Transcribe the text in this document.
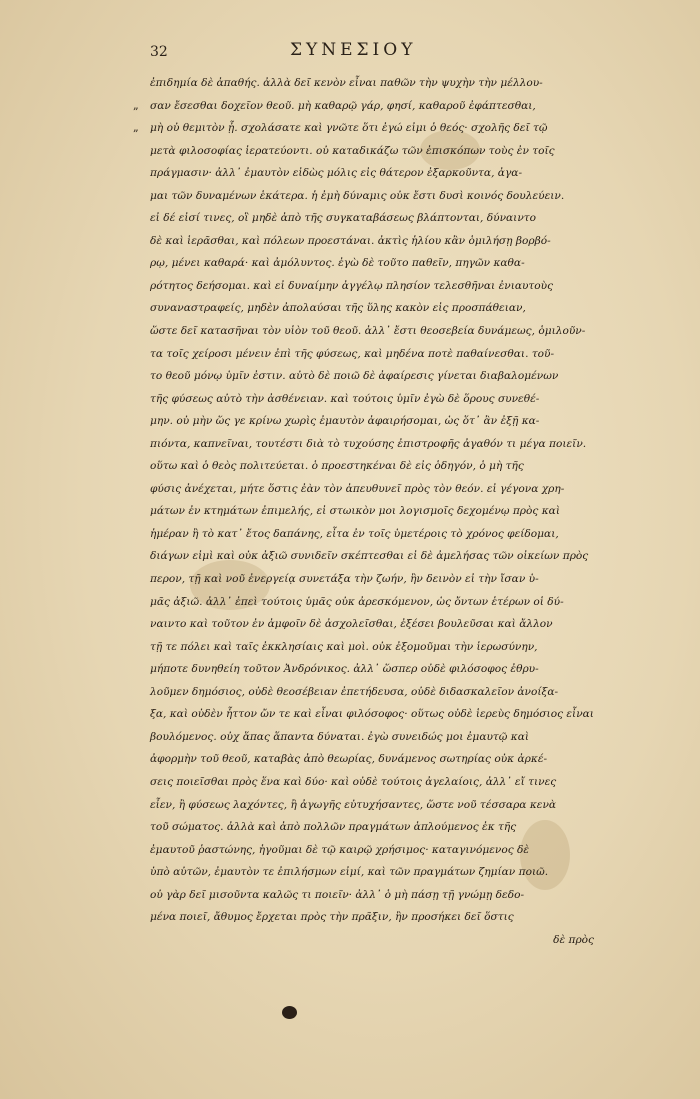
32	ΣΥΝΕΣΙΟΥ
ἐπιδημία δὲ ἀπαθής. ἀλλὰ δεῖ κενὸν εἶναι παθῶν τὴν ψυχὴν τὴν μέλλου-
„ σαν ἔσεσθαι δοχεῖον θεοῦ. μὴ καθαρῷ γάρ, φησί, καθαροῦ ἐφάπτεσθαι,
„ μὴ οὐ θεμιτὸν ᾖ. σχολάσατε καὶ γνῶτε ὅτι ἐγώ εἰμι ὁ θεός· σχολῆς δεῖ τῷ
μετὰ φιλοσοφίας ἱερατεύοντι. οὐ καταδικάζω τῶν ἐπισκόπων τοὺς ἐν τοῖς
πράγμασιν· ἀλλ᾽ ἐμαυτὸν εἰδὼς μόλις εἰς θάτερον ἐξαρκοῦντα, ἀγα-
μαι τῶν δυναμένων ἑκάτερα. ἡ ἐμὴ δύναμις οὐκ ἔστι δυσὶ κοινός δουλεύειν.
εἰ δέ εἰσί τινες, οἳ μηδὲ ἀπὸ τῆς συγκαταβάσεως βλάπτονται, δύναιντο
δὲ καὶ ἱερᾶσθαι, καὶ πόλεων προεστάναι. ἀκτὶς ἡλίου κἂν ὁμιλήσῃ βορβό-
ρῳ, μένει καθαρά· καὶ ἀμόλυντος. ἐγὼ δὲ τοῦτο παθεῖν, πηγῶν καθα-
ρότητος δεήσομαι. καὶ εἰ δυναίμην ἀγγέλῳ πλησίον τελεσθῆναι ἐνιαυτοὺς
συναναστραφείς, μηδὲν ἀπολαύσαι τῆς ὕλης κακὸν εἰς προσπάθειαν,
ὥστε δεῖ κατασῆναι τὸν υἱὸν τοῦ θεοῦ. ἀλλ᾽ ἔστι θεοσεβεία δυνάμεως, ὁμιλοῦν-
τα τοῖς χείροσι μένειν ἐπὶ τῆς φύσεως, καὶ μηδένα ποτὲ παθαίνεσθαι. τοῦ-
το θεοῦ μόνῳ ὑμῖν ἐστιν. αὐτὸ δὲ ποιῶ δὲ ἀφαίρεσις γίνεται διαβαλομένων
τῆς φύσεως αὐτὸ τὴν ἀσθένειαν. καὶ τούτοις ὑμῖν ἐγὼ δὲ ὅρους συνεθέ-
μην. οὐ μὴν ὥς γε κρίνω χωρὶς ἐμαυτὸν ἀφαιρήσομαι, ὡς ὅτ᾽ ἂν ἐξῇ κα-
πιόντα, καπνεῖναι, τουτέστι διὰ τὸ τυχούσης ἐπιστροφῆς ἀγαθόν τι μέγα ποιεῖν.
οὕτω καὶ ὁ θεὸς πολιτεύεται. ὁ προεστηκέναι δὲ εἰς ὁδηγόν, ὁ μὴ τῆς
φύσις ἀνέχεται, μήτε ὅστις ἐὰν τὸν ἀπευθυνεῖ πρὸς τὸν θεόν. εἰ γέγονα χρη-
μάτων ἐν κτημάτων ἐπιμελής, εἰ στωικὸν μοι λογισμοῖς δεχομένῳ πρὸς καὶ
ἡμέραν ἢ τὸ κατ᾽ ἔτος δαπάνης, εἶτα ἐν τοῖς ὑμετέροις τὸ χρόνος φείδομαι,
διάγων εἰμὶ καὶ οὐκ ἀξιῶ συνιδεῖν σκέπτεσθαι εἰ δὲ ἀμελήσας τῶν οἰκείων πρὸς
περον, τῇ καὶ νοῦ ἐνεργείᾳ συνετάξα τὴν ζωήν, ἣν δεινὸν εἰ τὴν ἴσαν ὑ-
μᾶς ἀξιῶ. ἀλλ᾽ ἐπεὶ τούτοις ὑμᾶς οὐκ ἀρεσκόμενον, ὡς ὄντων ἑτέρων οἱ δύ-
ναιντο καὶ τοῦτον ἐν ἀμφοῖν δὲ ἀσχολεῖσθαι, ἐξέσει βουλεῦσαι καὶ ἄλλον
τῇ τε πόλει καὶ ταῖς ἐκκλησίαις καὶ μοὶ. οὐκ ἐξομοῦμαι τὴν ἱερωσύνην,
μήποτε δυνηθείη τοῦτον Ἀνδρόνικος. ἀλλ᾽ ὥσπερ οὐδὲ φιλόσοφος ἐθρυ-
λοῦμεν δημόσιος, οὐδὲ θεοσέβειαν ἐπετήδευσα, οὐδὲ διδασκαλεῖον ἀνοίξα-
ξα, καὶ οὐδὲν ἧττον ὤν τε καὶ εἶναι φιλόσοφος· οὕτως οὐδὲ ἱερεὺς δημόσιος εἶναι
βουλόμενος. οὐχ ἅπας ἅπαντα δύναται. ἐγὼ συνειδώς μοι ἐμαυτῷ καὶ
ἀφορμὴν τοῦ θεοῦ, καταβὰς ἀπὸ θεωρίας, δυνάμενος σωτηρίας οὐκ ἀρκέ-
σεις ποιεῖσθαι πρὸς ἕνα καὶ δύο· καὶ οὐδὲ τούτοις ἀγελαίοις, ἀλλ᾽ εἴ τινες
εἶεν, ἢ φύσεως λαχόντες, ἢ ἀγωγῆς εὐτυχήσαντες, ὥστε νοῦ τέσσαρα κενὰ
τοῦ σώματος. ἀλλὰ καὶ ἀπὸ πολλῶν πραγμάτων ἁπλούμενος ἐκ τῆς
ἐμαυτοῦ ῥαστώνης, ἡγοῦμαι δὲ τῷ καιρῷ χρήσιμος· καταγινόμενος δὲ
ὑπὸ αὐτῶν, ἐμαυτὸν τε ἐπιλήσμων εἰμί, καὶ τῶν πραγμάτων ζημίαν ποιῶ.
οὐ γὰρ δεῖ μισοῦντα καλῶς τι ποιεῖν· ἀλλ᾽ ὁ μὴ πάσῃ τῇ γνώμῃ δεδο-
μένα ποιεῖ, ἄθυμος ἔρχεται πρὸς τὴν πρᾶξιν, ἣν προσήκει δεῖ ὅστις
δὲ πρὸς
